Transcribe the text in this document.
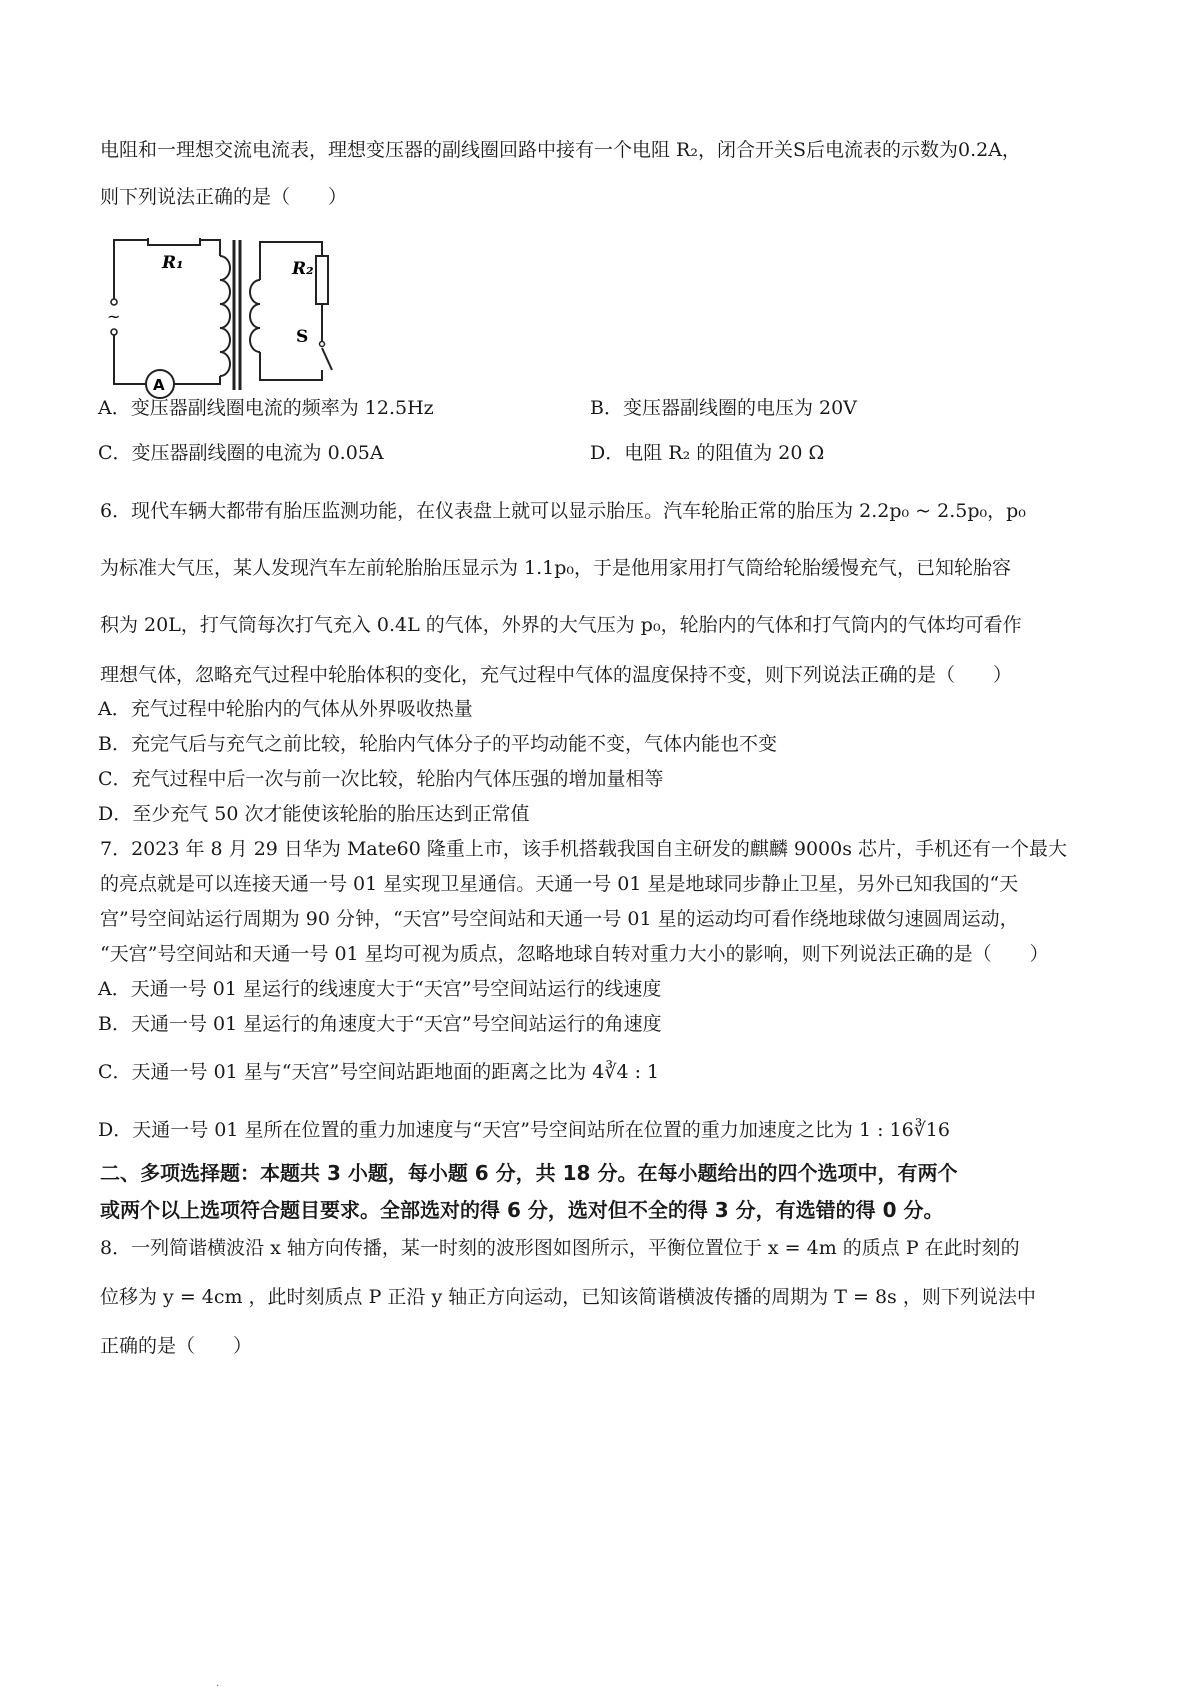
电阻和一理想交流电流表，理想变压器的副线圈回路中接有一个电阻 R₂，闭合开关S后电流表的示数为0.2A，
则下列说法正确的是（　　）
R₁	R₂
S
~
A
A．变压器副线圈电流的频率为 12.5Hz	B．变压器副线圈的电压为 20V
C．变压器副线圈的电流为 0.05A	D．电阻 R₂ 的阻值为 20 Ω
6．现代车辆大都带有胎压监测功能，在仪表盘上就可以显示胎压。汽车轮胎正常的胎压为 2.2p₀ ~ 2.5p₀，p₀
为标准大气压，某人发现汽车左前轮胎胎压显示为 1.1p₀，于是他用家用打气筒给轮胎缓慢充气，已知轮胎容
积为 20L，打气筒每次打气充入 0.4L 的气体，外界的大气压为 p₀，轮胎内的气体和打气筒内的气体均可看作
理想气体，忽略充气过程中轮胎体积的变化，充气过程中气体的温度保持不变，则下列说法正确的是（　　）
A．充气过程中轮胎内的气体从外界吸收热量
B．充完气后与充气之前比较，轮胎内气体分子的平均动能不变，气体内能也不变
C．充气过程中后一次与前一次比较，轮胎内气体压强的增加量相等
D．至少充气 50 次才能使该轮胎的胎压达到正常值
7．2023 年 8 月 29 日华为 Mate60 隆重上市，该手机搭载我国自主研发的麒麟 9000s 芯片，手机还有一个最大
的亮点就是可以连接天通一号 01 星实现卫星通信。天通一号 01 星是地球同步静止卫星，另外已知我国的“天
宫”号空间站运行周期为 90 分钟，“天宫”号空间站和天通一号 01 星的运动均可看作绕地球做匀速圆周运动，
“天宫”号空间站和天通一号 01 星均可视为质点，忽略地球自转对重力大小的影响，则下列说法正确的是（　　）
A．天通一号 01 星运行的线速度大于“天宫”号空间站运行的线速度
B．天通一号 01 星运行的角速度大于“天宫”号空间站运行的角速度
C．天通一号 01 星与“天宫”号空间站距地面的距离之比为 4∛4 : 1
D．天通一号 01 星所在位置的重力加速度与“天宫”号空间站所在位置的重力加速度之比为 1 : 16∛16
二、多项选择题：本题共 3 小题，每小题 6 分，共 18 分。在每小题给出的四个选项中，有两个
或两个以上选项符合题目要求。全部选对的得 6 分，选对但不全的得 3 分，有选错的得 0 分。
8．一列简谐横波沿 x 轴方向传播，某一时刻的波形图如图所示，平衡位置位于 x = 4m 的质点 P 在此时刻的
位移为 y = 4cm ，此时刻质点 P 正沿 y 轴正方向运动，已知该简谐横波传播的周期为 T = 8s ，则下列说法中
正确的是（　　）
.
